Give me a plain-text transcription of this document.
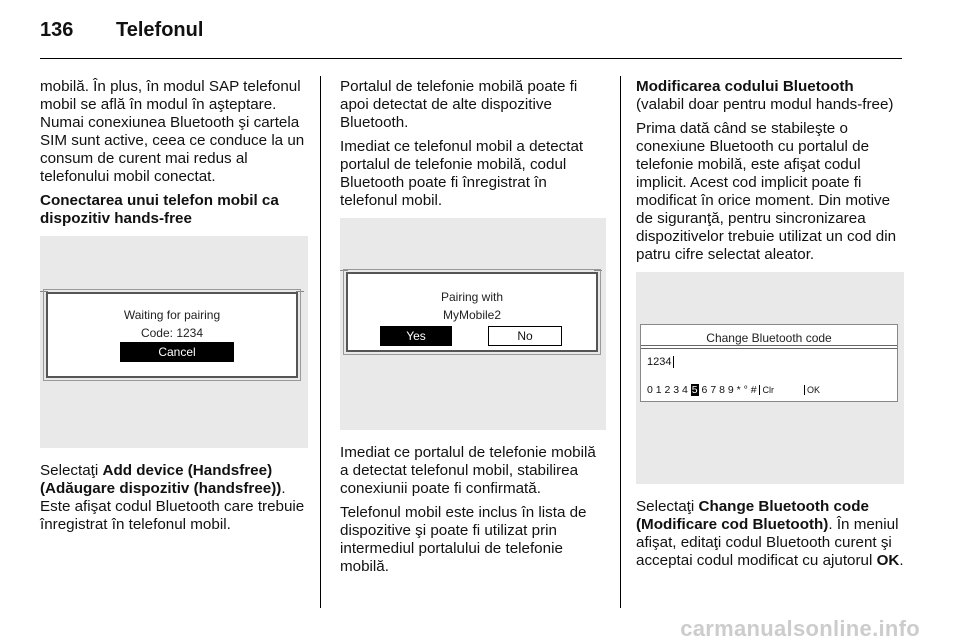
136 Telefonul

mobilă. În plus, în modul SAP telefonul mobil se află în modul în aşteptare. Numai conexiunea Bluetooth şi cartela SIM sunt active, ceea ce conduce la un consum de curent mai redus al telefonului mobil conectat.

Conectarea unui telefon mobil ca dispozitiv hands-free

Waiting for pairing
Code: 1234
Cancel

Selectaţi Add device (Handsfree) (Adăugare dispozitiv (handsfree)). Este afişat codul Bluetooth care trebuie înregistrat în telefonul mobil.

Portalul de telefonie mobilă poate fi apoi detectat de alte dispozitive Bluetooth.

Imediat ce telefonul mobil a detectat portalul de telefonie mobilă, codul Bluetooth poate fi înregistrat în telefonul mobil.

Pairing with
MyMobile2
Yes	No

Imediat ce portalul de telefonie mobilă a detectat telefonul mobil, stabilirea conexiunii poate fi confirmată.

Telefonul mobil este inclus în lista de dispozitive şi poate fi utilizat prin intermediul portalului de telefonie mobilă.

Modificarea codului Bluetooth

(valabil doar pentru modul hands-free)

Prima dată când se stabileşte o conexiune Bluetooth cu portalul de telefonie mobilă, este afişat codul implicit. Acest cod implicit poate fi modificat în orice moment. Din motive de siguranţă, pentru sincronizarea dispozitivelor trebuie utilizat un cod din patru cifre selectat aleator.

Change Bluetooth code
1234
0 1 2 3 4 5 6 7 8 9 * ° # Clr	OK

Selectaţi Change Bluetooth code (Modificare cod Bluetooth). În meniul afişat, editaţi codul Bluetooth curent şi acceptai codul modificat cu ajutorul OK.

carmanualsonline.info
